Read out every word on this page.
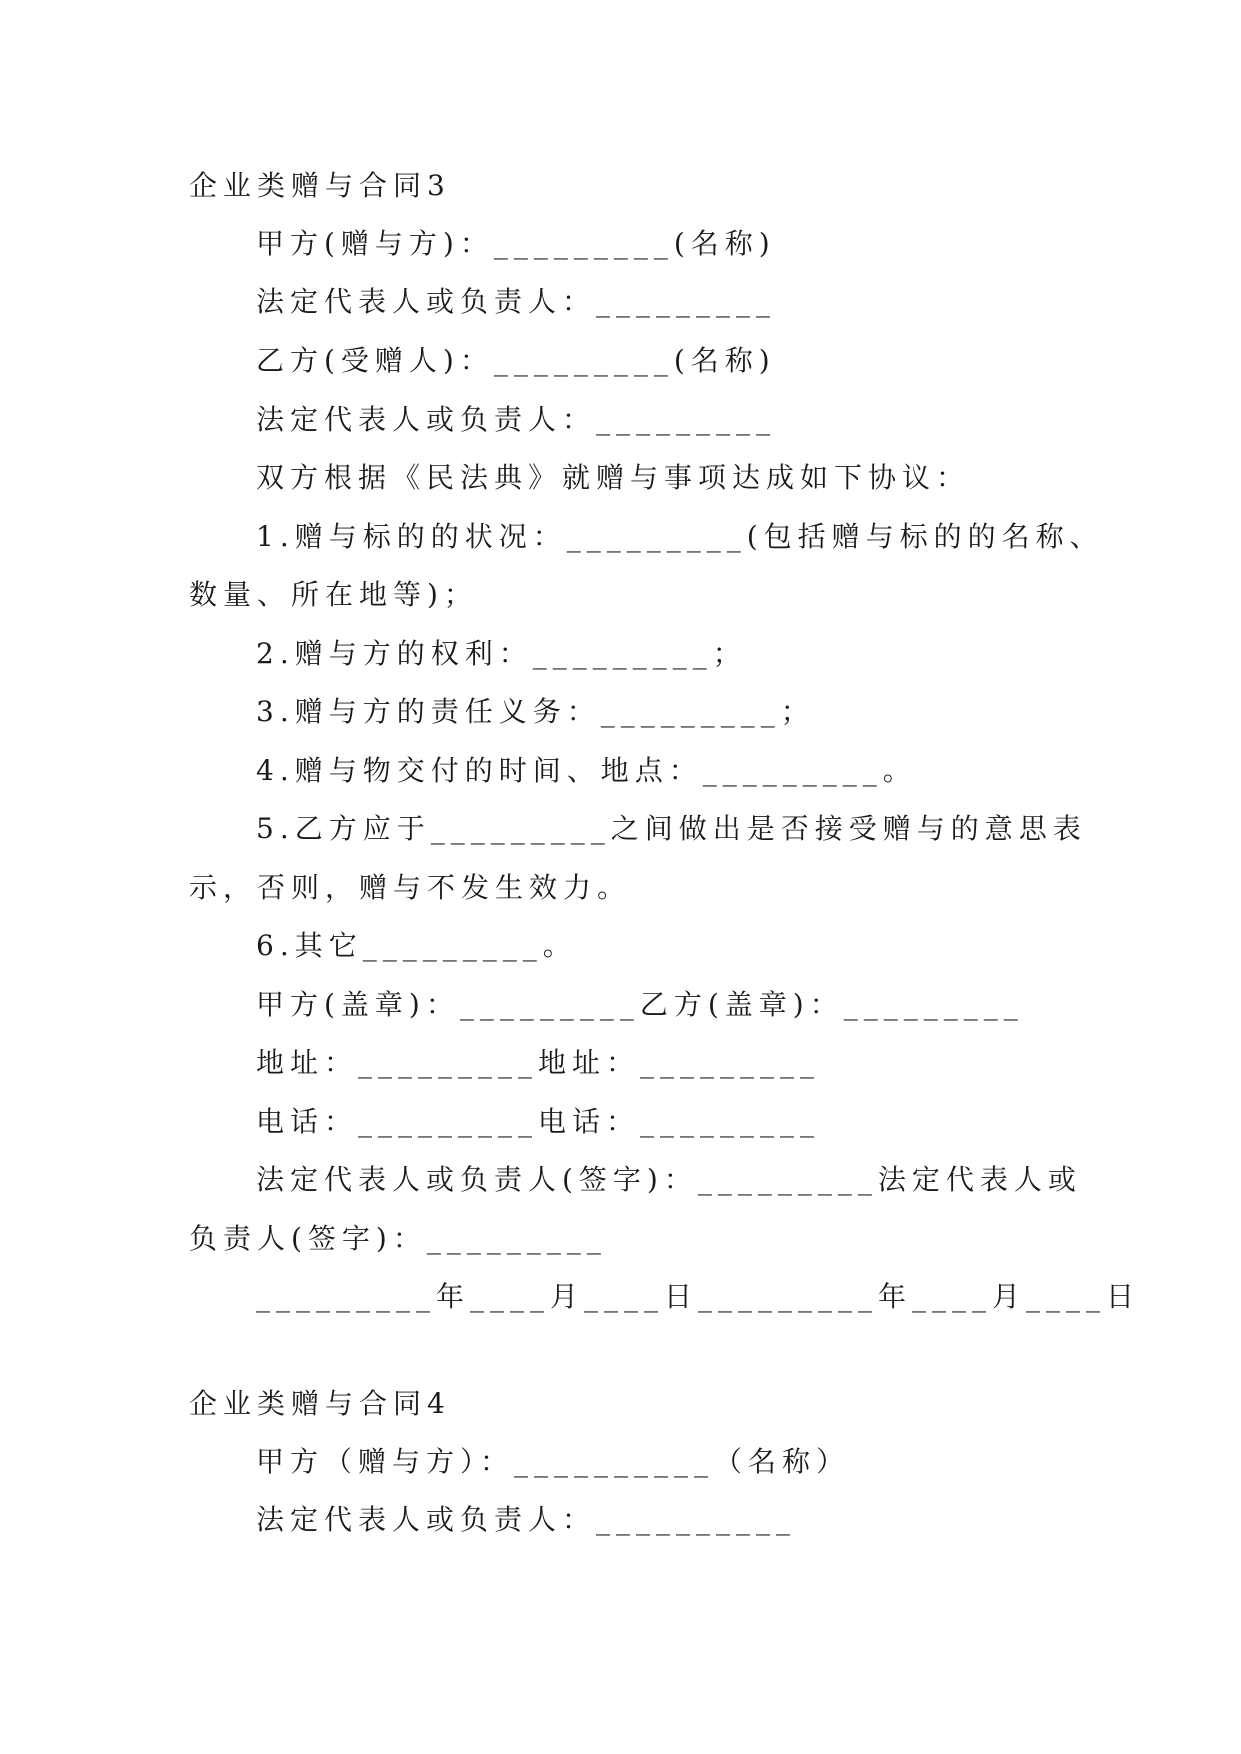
企业类赠与合同3
甲方(赠与方)：_________(名称)
法定代表人或负责人：_________
乙方(受赠人)：_________(名称)
法定代表人或负责人：_________
双方根据《民法典》就赠与事项达成如下协议：
1.赠与标的的状况：_________(包括赠与标的的名称、
数量、所在地等)；
2.赠与方的权利：_________；
3.赠与方的责任义务：_________；
4.赠与物交付的时间、地点：_________。
5.乙方应于_________之间做出是否接受赠与的意思表
示，否则，赠与不发生效力。
6.其它_________。
甲方(盖章)：_________乙方(盖章)：_________
地址：_________地址：_________
电话：_________电话：_________
法定代表人或负责人(签字)：_________法定代表人或
负责人(签字)：_________
_________年____月____日_________年____月____日
企业类赠与合同4
甲方（赠与方）：__________（名称）
法定代表人或负责人：__________
